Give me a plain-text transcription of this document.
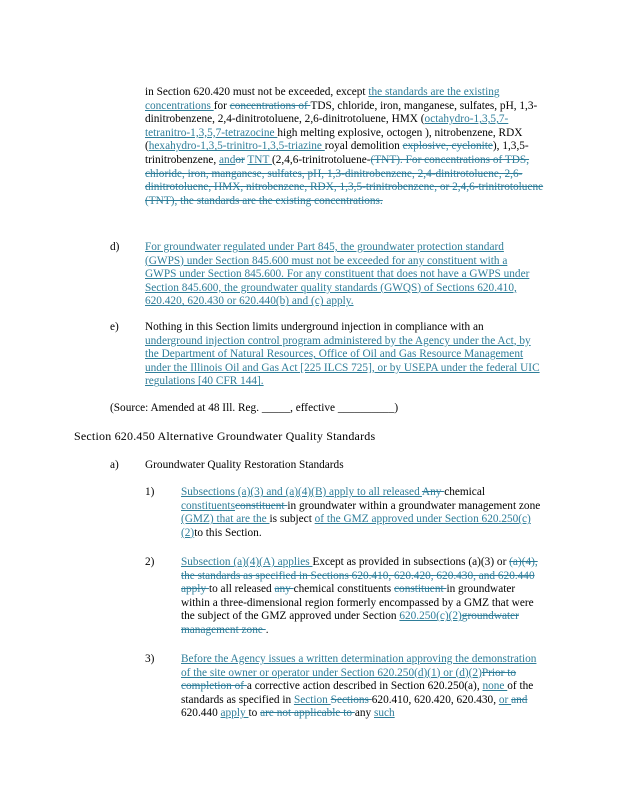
in Section 620.420 must not be exceeded, except the standards are the existing concentrations for concentrations of TDS, chloride, iron, manganese, sulfates, pH, 1,3-dinitrobenzene, 2,4-dinitrotoluene, 2,6-dinitrotoluene, HMX (octahydro-1,3,5,7-tetranitro-1,3,5,7-tetrazocine high melting explosive, octogen ), nitrobenzene, RDX (hexahydro-1,3,5-trinitro-1,3,5-triazine royal demolition explosive, cyclonite), 1,3,5-trinitrobenzene, andor TNT (2,4,6-trinitrotoluene-(TNT). For concentrations of TDS, chloride, iron, manganese, sulfates, pH, 1,3-dinitrobenzene, 2,4-dinitrotoluene, 2,6-dinitrotoluene, HMX, nitrobenzene, RDX, 1,3,5-trinitrobenzene, or 2,4,6-trinitrotoluene (TNT), the standards are the existing concentrations.

d) For groundwater regulated under Part 845, the groundwater protection standard (GWPS) under Section 845.600 must not be exceeded for any constituent with a GWPS under Section 845.600. For any constituent that does not have a GWPS under Section 845.600, the groundwater quality standards (GWQS) of Sections 620.410, 620.420, 620.430 or 620.440(b) and (c) apply.

e) Nothing in this Section limits underground injection in compliance with an underground injection control program administered by the Agency under the Act, by the Department of Natural Resources, Office of Oil and Gas Resource Management under the Illinois Oil and Gas Act [225 ILCS 725], or by USEPA under the federal UIC regulations [40 CFR 144].

(Source: Amended at 48 Ill. Reg. _____, effective __________)

Section 620.450 Alternative Groundwater Quality Standards

a) Groundwater Quality Restoration Standards

1) Subsections (a)(3) and (a)(4)(B) apply to all released Any chemical constituentsconstituent in groundwater within a groundwater management zone (GMZ) that are the is subject of the GMZ approved under Section 620.250(c)(2)to this Section.

2) Subsection (a)(4)(A) applies Except as provided in subsections (a)(3) or (a)(4), the standards as specified in Sections 620.410, 620.420, 620.430, and 620.440 apply to all released any chemical constituents constituent in groundwater within a three-dimensional region formerly encompassed by a GMZ that were the subject of the GMZ approved under Section 620.250(c)(2)groundwater management zone .

3) Before the Agency issues a written determination approving the demonstration of the site owner or operator under Section 620.250(d)(1) or (d)(2)Prior to completion of a corrective action described in Section 620.250(a), none of the standards as specified in Section Sections 620.410, 620.420, 620.430, or and 620.440 apply to are not applicable to any such
